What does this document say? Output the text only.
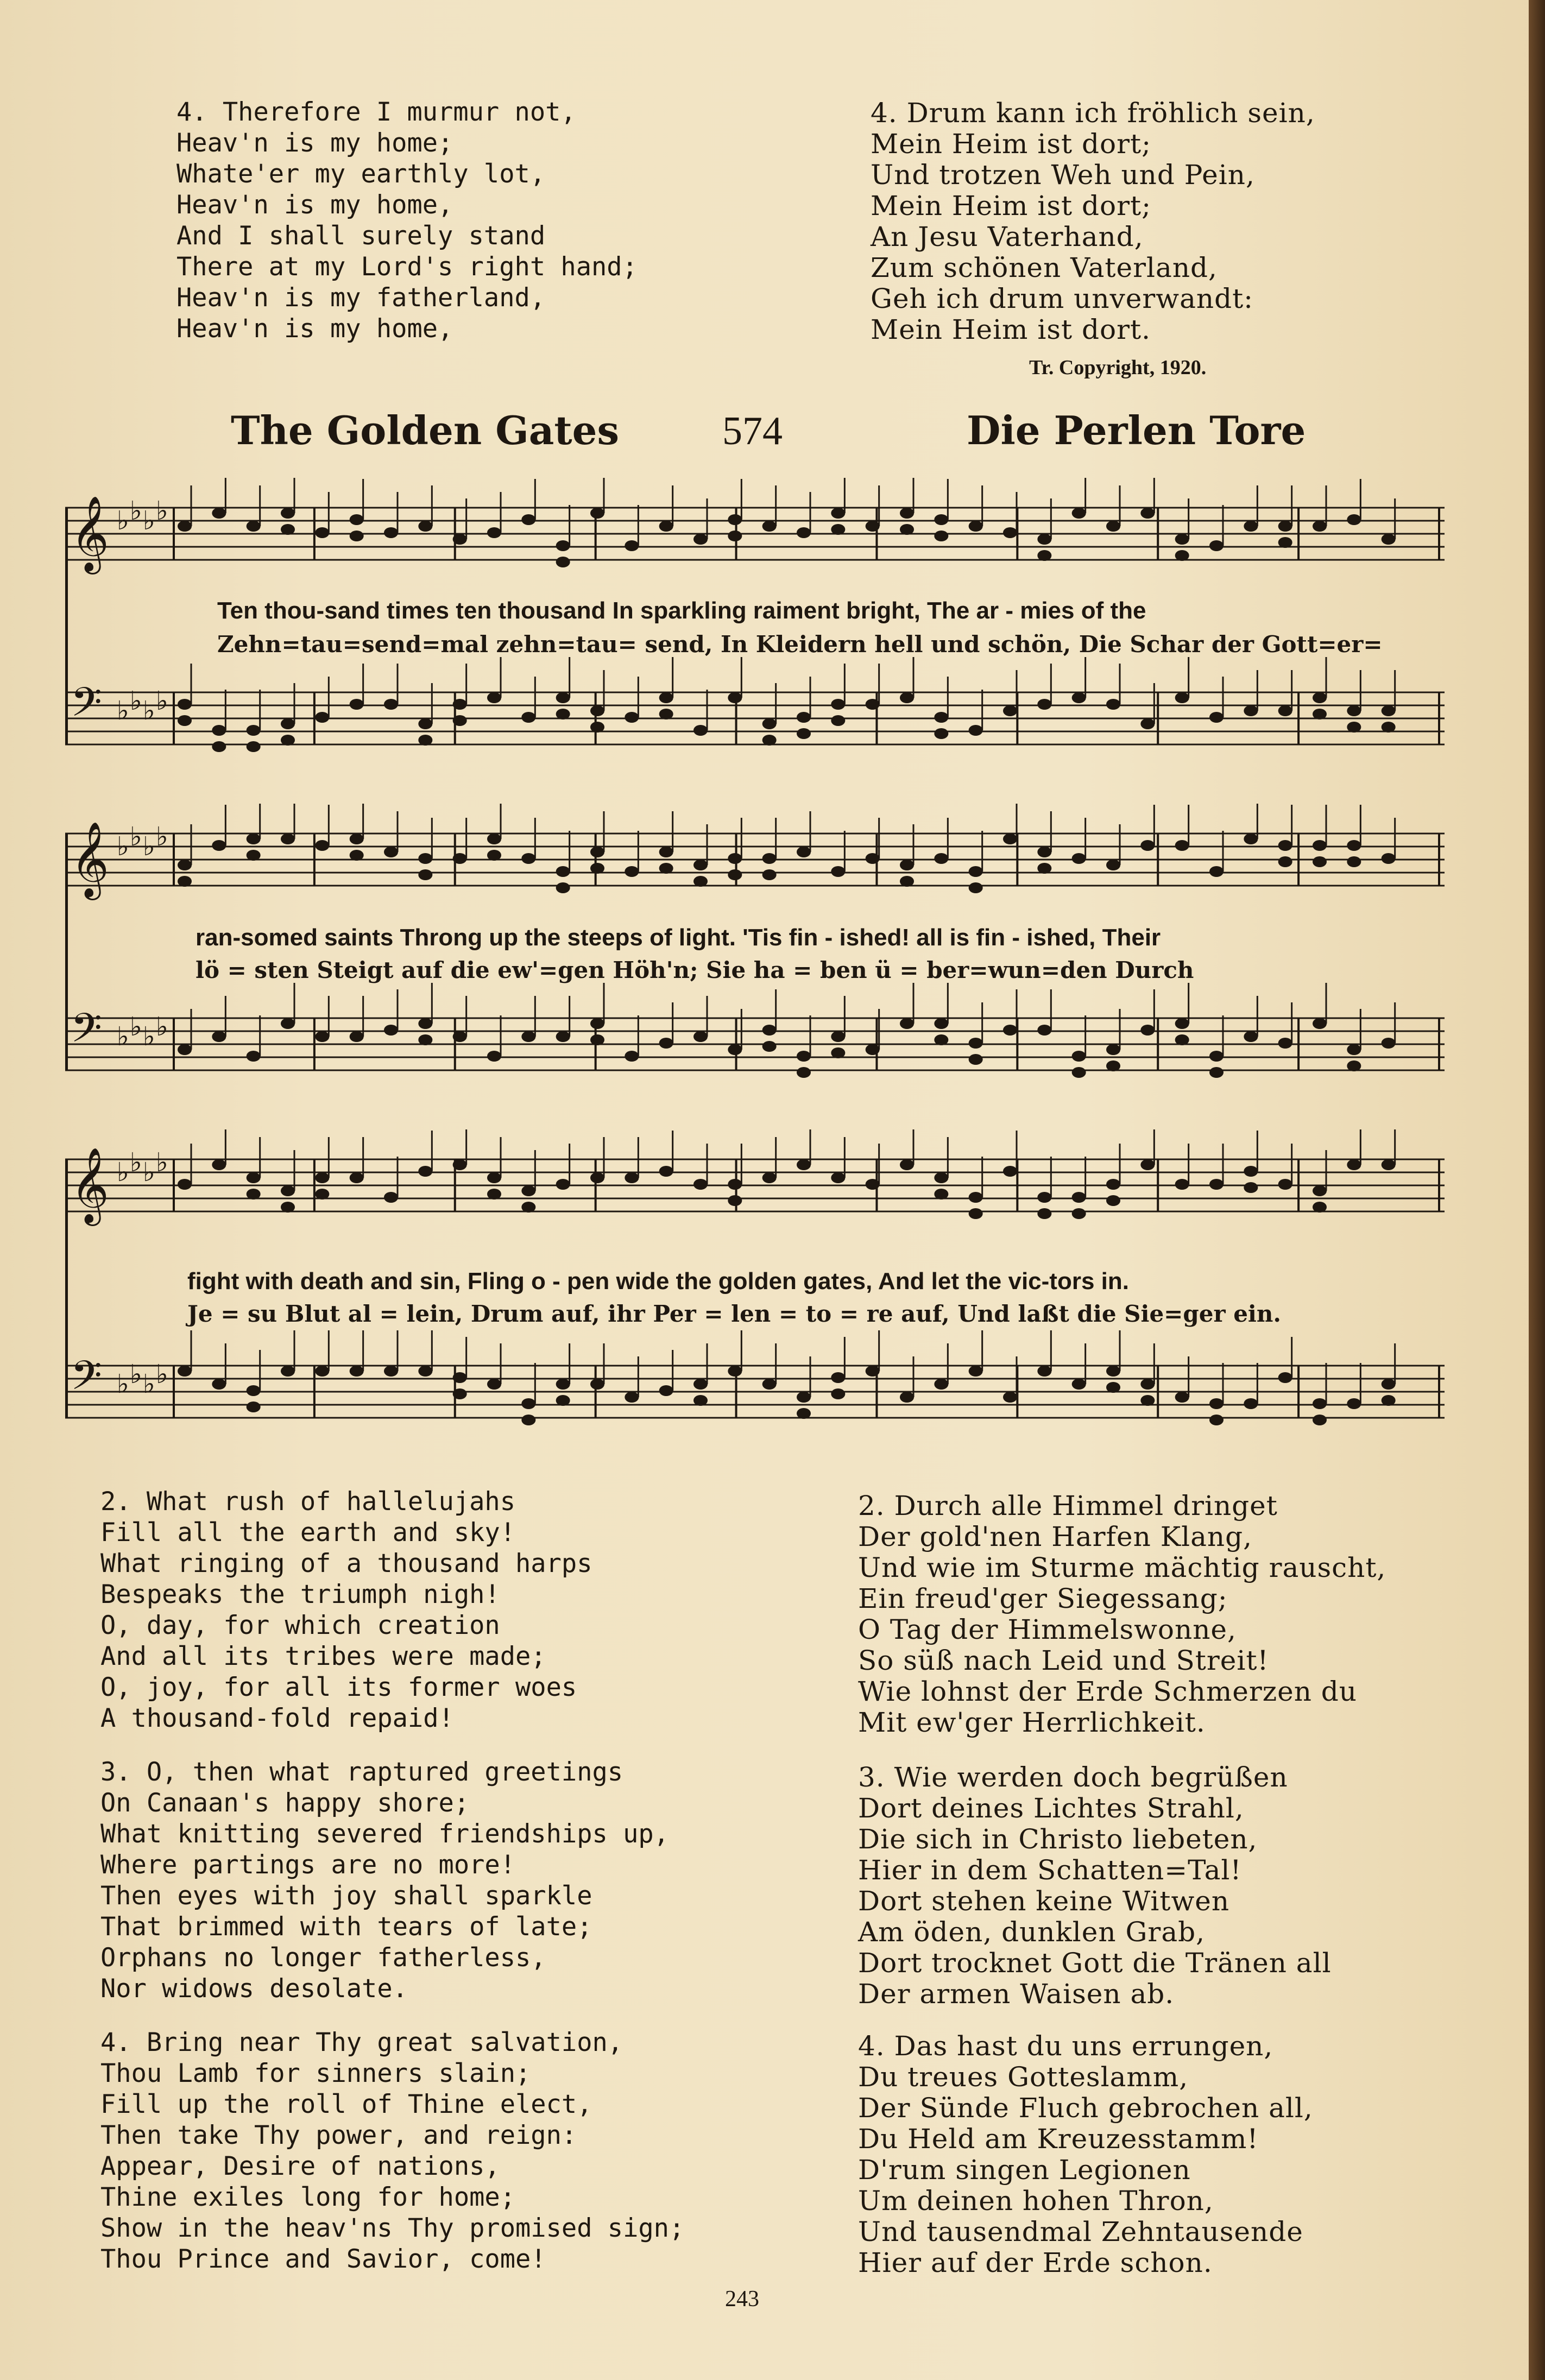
4. Therefore I murmur not,
Heav'n is my home;
Whate'er my earthly lot,
Heav'n is my home,
And I shall surely stand
There at my Lord's right hand;
Heav'n is my fatherland,
Heav'n is my home,
4. Drum kann ich fröhlich sein,
Mein Heim ist dort;
Und trotzen Weh und Pein,
Mein Heim ist dort;
An Jesu Vaterhand,
Zum schönen Vaterland,
Geh ich drum unverwandt:
Mein Heim ist dort.
Tr. Copyright, 1920.
The Golden Gates	574	Die Perlen Tore
𝄞 ♭ ♭ ♭ ♭
𝄢 ♭ ♭ ♭ ♭
Ten thou-sand times ten thousand In sparkling raiment bright, The ar - mies of the
Zehn=tau=send=mal zehn=tau= send, In Kleidern hell und schön, Die Schar der Gott=er=
𝄞 ♭ ♭ ♭ ♭
𝄢 ♭ ♭ ♭ ♭
ran-somed saints Throng up the steeps of light. 'Tis fin - ished! all is fin - ished, Their
lö = sten Steigt auf die ew'=gen Höh'n; Sie ha = ben ü = ber=wun=den Durch
𝄞 ♭ ♭ ♭ ♭
𝄢 ♭ ♭ ♭ ♭
fight with death and sin, Fling o - pen wide the golden gates, And let the vic-tors in.
Je = su Blut al = lein, Drum auf, ihr Per = len = to = re auf, Und laßt die Sie=ger ein.
2. What rush of hallelujahs
Fill all the earth and sky!
What ringing of a thousand harps
Bespeaks the triumph nigh!
O, day, for which creation
And all its tribes were made;
O, joy, for all its former woes
A thousand-fold repaid!
3. O, then what raptured greetings
On Canaan's happy shore;
What knitting severed friendships up,
Where partings are no more!
Then eyes with joy shall sparkle
That brimmed with tears of late;
Orphans no longer fatherless,
Nor widows desolate.
4. Bring near Thy great salvation,
Thou Lamb for sinners slain;
Fill up the roll of Thine elect,
Then take Thy power, and reign:
Appear, Desire of nations,
Thine exiles long for home;
Show in the heav'ns Thy promised sign;
Thou Prince and Savior, come!
2. Durch alle Himmel dringet
Der gold'nen Harfen Klang,
Und wie im Sturme mächtig rauscht,
Ein freud'ger Siegessang;
O Tag der Himmelswonne,
So süß nach Leid und Streit!
Wie lohnst der Erde Schmerzen du
Mit ew'ger Herrlichkeit.
3. Wie werden doch begrüßen
Dort deines Lichtes Strahl,
Die sich in Christo liebeten,
Hier in dem Schatten=Tal!
Dort stehen keine Witwen
Am öden, dunklen Grab,
Dort trocknet Gott die Tränen all
Der armen Waisen ab.
4. Das hast du uns errungen,
Du treues Gotteslamm,
Der Sünde Fluch gebrochen all,
Du Held am Kreuzesstamm!
D'rum singen Legionen
Um deinen hohen Thron,
Und tausendmal Zehntausende
Hier auf der Erde schon.
243
